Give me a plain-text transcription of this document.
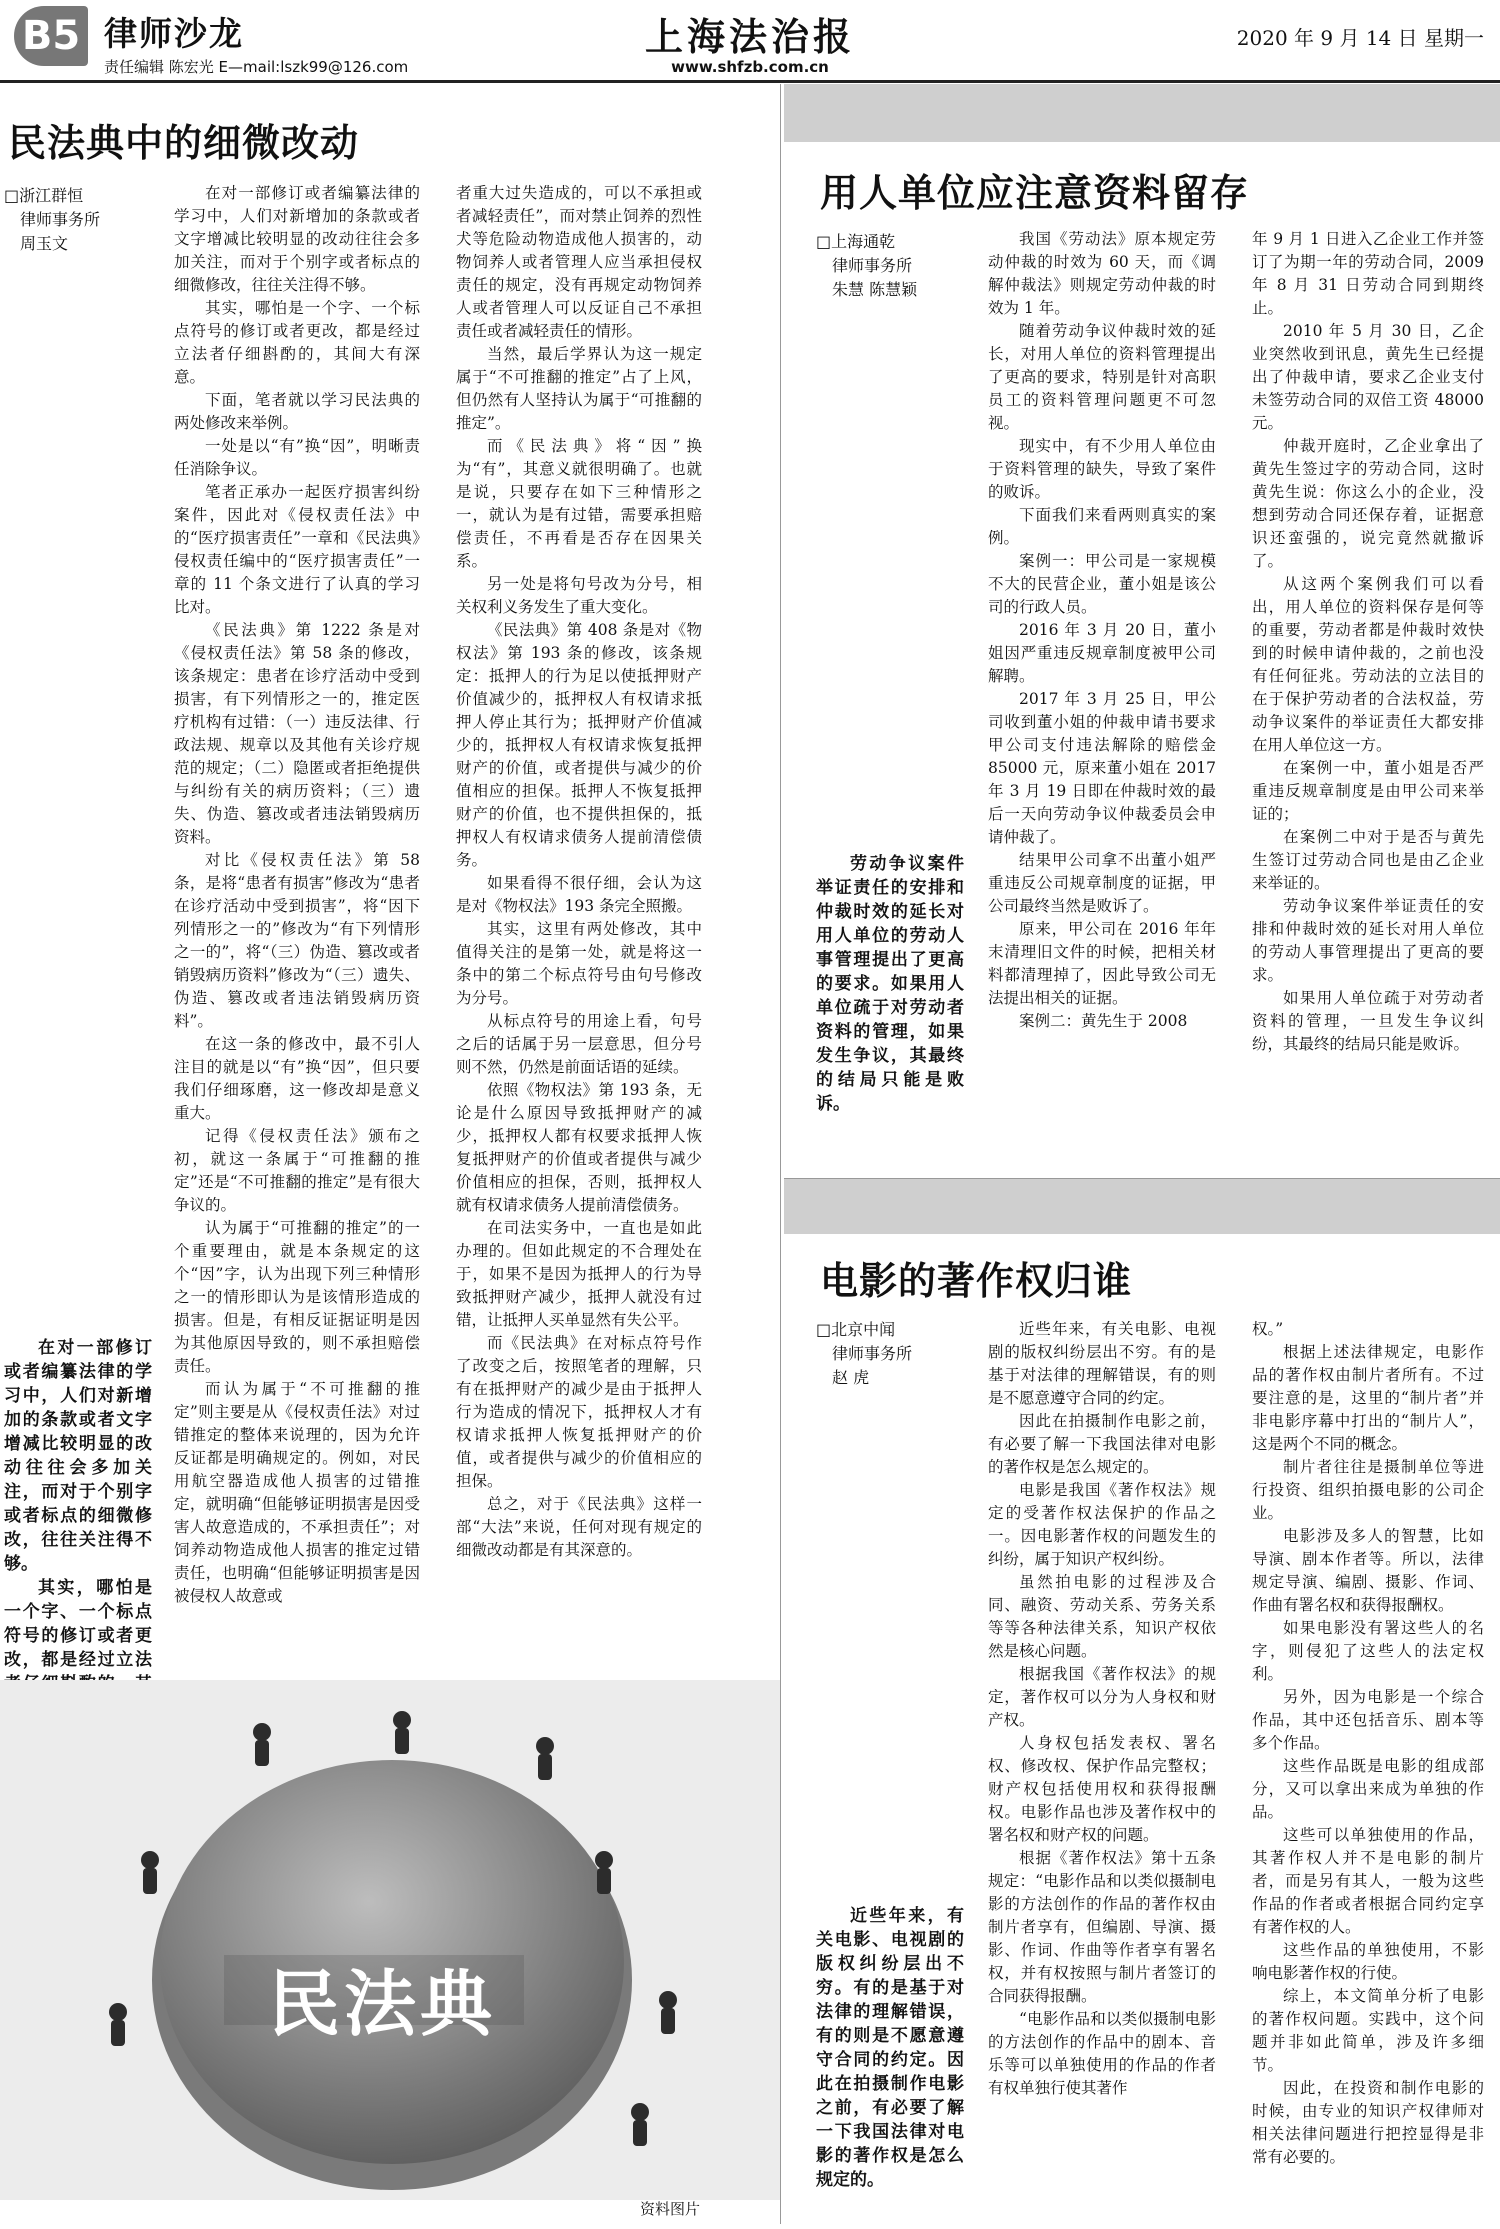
B5 律师沙龙
责任编辑 陈宏光 E—mail:lszk99@126.com
上海法治报
www.shfzb.com.cn
2020 年 9 月 14 日 星期一
民法典中的细微改动
□浙江群恒
律师事务所
周玉文

在对一部修订或者编纂法律的学习中，人们对新增加的条款或者文字增减比较明显的改动往往会多加关注，而对于个别字或者标点的细微修改，往往关注得不够。

其实，哪怕是一个字、一个标点符号的修订或者更改，都是经过立法

在对一部修订或者编纂法律的学习中，人们对新增加的条款或者文字增减比较明显的改动往往会多加关注，而对于个别字或者标点的细微修改，往往关注得不够。

其实，哪怕是一个字、一个标点符号的修订或者更改，都是经过立法者仔细斟酌的，其间大有深意。

下面，笔者就以学习民法典的两处修改来举例。

一处是以“有”换“因”，明晰责任消除争议。

笔者正承办一起医疗损害纠纷案件，因此对《侵权责任法》中的“医疗损害责任”一章和《民法典》侵权责任编中的“医疗损害责任”一章的 11 个条文进行了认真的学习比对。

《民法典》第 1222 条是对《侵权责任法》第 58 条的修改，该条规定：患者在诊疗活动中受到损害，有下列情形之一的，推定医疗机构有过错：（一）违反法律、行政法规、规章以及其他有关诊疗规范的规定；（二）隐匿或者拒绝提供与纠纷有关的病历资料；（三）遗失、伪造、篡改或者违法销毁病历资料。

对比《侵权责任法》第 58 条，是将“患者有损害”修改为“患者在诊疗活动中受到损害”，将“因下列情形之一的”修改为“有下列情形之一的”，将“（三）伪造、篡改或者销毁病历资料”修改为“（三）遗失、伪造、篡改或者违法销毁病历资料”。

在这一条的修改中，最不引人注目的就是以“有”换“因”，但只要我们仔细琢磨，这一修改却是意义重大。

记得《侵权责任法》颁布之初，就这一条属于“可推翻的推定”还是“不可推翻的推定”是有很大争议的。

认为属于“可推翻的推定”的一个重要理由，就是本条规定的这个“因”字，认为出现下列三种情形之一的情形即认为是该情形造成的损害。但是，有相反证据证明是因为其他原因导致的，则不承担赔偿责任。

而认为属于“不可推翻的推定”则主要是从《侵权责任法》对过错推定的整体来说理的，因为允许反证都是明确规定的。例如，对民用航空器造成他人损害的过错推定，就明确“但能够证明损害是因受害人故意造成的，不承担责任”；对饲养动物造成他人损害的推定过错责任，也明确“但能够证明损害是因被侵权人故意或

者重大过失造成的，可以不承担或者减轻责任”，而对禁止饲养的烈性犬等危险动物造成他人损害的，动物饲养人或者管理人应当承担侵权责任的规定，没有再规定动物饲养人或者管理人可以反证自己不承担责任或者减轻责任的情形。

当然，最后学界认为这一规定属于“不可推翻的推定”占了上风，但仍然有人坚持认为属于“可推翻的推定”。

而《民法典》将“因”换为“有”，其意义就很明确了。也就是说，只要存在如下三种情形之一，就认为是有过错，需要承担赔偿责任，不再看是否存在因果关系。

另一处是将句号改为分号，相关权利义务发生了重大变化。

《民法典》第 408 条是对《物权法》第 193 条的修改，该条规定：抵押人的行为足以使抵押财产价值减少的，抵押权人有权请求抵押人停止其行为；抵押财产价值减少的，抵押权人有权请求恢复抵押财产的价值，或者提供与减少的价值相应的担保。抵押人不恢复抵押财产的价值，也不提供担保的，抵押权人有权请求债务人提前清偿债务。

如果看得不很仔细，会认为这是对《物权法》193 条完全照搬。

其实，这里有两处修改，其中值得关注的是第一处，就是将这一条中的第二个标点符号由句号修改为分号。

从标点符号的用途上看，句号之后的话属于另一层意思，但分号则不然，仍然是前面话语的延续。

依照《物权法》第 193 条，无论是什么原因导致抵押财产的减少，抵押权人都有权要求抵押人恢复抵押财产的价值或者提供与减少价值相应的担保，否则，抵押权人就有权请求债务人提前清偿债务。

在司法实务中，一直也是如此办理的。但如此规定的不合理处在于，如果不是因为抵押人的行为导致抵押财产减少，抵押人就没有过错，让抵押人买单显然有失公平。

而《民法典》在对标点符号作了改变之后，按照笔者的理解，只有在抵押财产的减少是由于抵押人行为造成的情况下，抵押权人才有权请求抵押人恢复抵押财产的价值，或者提供与减少的价值相应的担保。

总之，对于《民法典》这样一部“大法”来说，任何对现有规定的细微改动都是有其深意的。

民法典
资料图片
用人单位应注意资料留存
□上海通乾
律师事务所
朱慧 陈慧颖

劳动争议案件举证责任的安排和仲裁时效的延长对用人单位的劳动人事管理提出了更高的要求。如果用人单位疏于对劳动者资料的管理，如果发生争议，其最终的结局只能是败诉。

我国《劳动法》原本规定劳动仲裁的时效为 60 天，而《调解仲裁法》则规定劳动仲裁的时效为 1 年。

随着劳动争议仲裁时效的延长，对用人单位的资料管理提出了更高的要求，特别是针对高职员工的资料管理问题更不可忽视。

现实中，有不少用人单位由于资料管理的缺失，导致了案件的败诉。

下面我们来看两则真实的案例。

案例一：甲公司是一家规模不大的民营企业，董小姐是该公司的行政人员。

2016 年 3 月 20 日，董小姐因严重违反规章制度被甲公司解聘。

2017 年 3 月 25 日，甲公司收到董小姐的仲裁申请书要求甲公司支付违法解除的赔偿金 85000 元，原来董小姐在 2017 年 3 月 19 日即在仲裁时效的最后一天向劳动争议仲裁委员会申请仲裁了。

结果甲公司拿不出董小姐严重违反公司规章制度的证据，甲公司最终当然是败诉了。

原来，甲公司在 2016 年年末清理旧文件的时候，把相关材料都清理掉了，因此导致公司无法提出相关的证据。

案例二：黄先生于 2008

年 9 月 1 日进入乙企业工作并签订了为期一年的劳动合同，2009 年 8 月 31 日劳动合同到期终止。

2010 年 5 月 30 日，乙企业突然收到讯息，黄先生已经提出了仲裁申请，要求乙企业支付未签劳动合同的双倍工资 48000 元。

仲裁开庭时，乙企业拿出了黄先生签过字的劳动合同，这时黄先生说：你这么小的企业，没想到劳动合同还保存着，证据意识还蛮强的，说完竟然就撤诉了。

从这两个案例我们可以看出，用人单位的资料保存是何等的重要，劳动者都是仲裁时效快到的时候申请仲裁的，之前也没有任何征兆。劳动法的立法目的在于保护劳动者的合法权益，劳动争议案件的举证责任大都安排在用人单位这一方。

在案例一中，董小姐是否严重违反规章制度是由甲公司来举证的；

在案例二中对于是否与黄先生签订过劳动合同也是由乙企业来举证的。

劳动争议案件举证责任的安排和仲裁时效的延长对用人单位的劳动人事管理提出了更高的要求。

如果用人单位疏于对劳动者资料的管理，一旦发生争议纠纷，其最终的结局只能是败诉。

电影的著作权归谁
□北京中闻
律师事务所
赵 虎

近些年来，有关电影、电视剧的版权纠纷层出不穷。有的是基于对法律的理解错误，有的则是不愿意遵守合同的约定。因此在拍摄制作电影之前，有必要了解一下我国法律对电影的著作权是怎么规定的。

近些年来，有关电影、电视剧的版权纠纷层出不穷。有的是基于对法律的理解错误，有的则是不愿意遵守合同的约定。

因此在拍摄制作电影之前，有必要了解一下我国法律对电影的著作权是怎么规定的。

电影是我国《著作权法》规定的受著作权法保护的作品之一。因电影著作权的问题发生的纠纷，属于知识产权纠纷。

虽然拍电影的过程涉及合同、融资、劳动关系、劳务关系等等各种法律关系，知识产权依然是核心问题。

根据我国《著作权法》的规定，著作权可以分为人身权和财产权。

人身权包括发表权、署名权、修改权、保护作品完整权；财产权包括使用权和获得报酬权。电影作品也涉及著作权中的署名权和财产权的问题。

根据《著作权法》第十五条规定：“电影作品和以类似摄制电影的方法创作的作品的著作权由制片者享有，但编剧、导演、摄影、作词、作曲等作者享有署名权，并有权按照与制片者签订的合同获得报酬。

“电影作品和以类似摄制电影的方法创作的作品中的剧本、音乐等可以单独使用的作品的作者有权单独行使其著作

权。”

根据上述法律规定，电影作品的著作权由制片者所有。不过要注意的是，这里的“制片者”并非电影序幕中打出的“制片人”，这是两个不同的概念。

制片者往往是摄制单位等进行投资、组织拍摄电影的公司企业。

电影涉及多人的智慧，比如导演、剧本作者等。所以，法律规定导演、编剧、摄影、作词、作曲有署名权和获得报酬权。

如果电影没有署这些人的名字，则侵犯了这些人的法定权利。

另外，因为电影是一个综合作品，其中还包括音乐、剧本等多个作品。

这些作品既是电影的组成部分，又可以拿出来成为单独的作品。

这些可以单独使用的作品，其著作权人并不是电影的制片者，而是另有其人，一般为这些作品的作者或者根据合同约定享有著作权的人。

这些作品的单独使用，不影响电影著作权的行使。

综上，本文简单分析了电影的著作权问题。实践中，这个问题并非如此简单，涉及许多细节。

因此，在投资和制作电影的时候，由专业的知识产权律师对相关法律问题进行把控显得是非常有必要的。
